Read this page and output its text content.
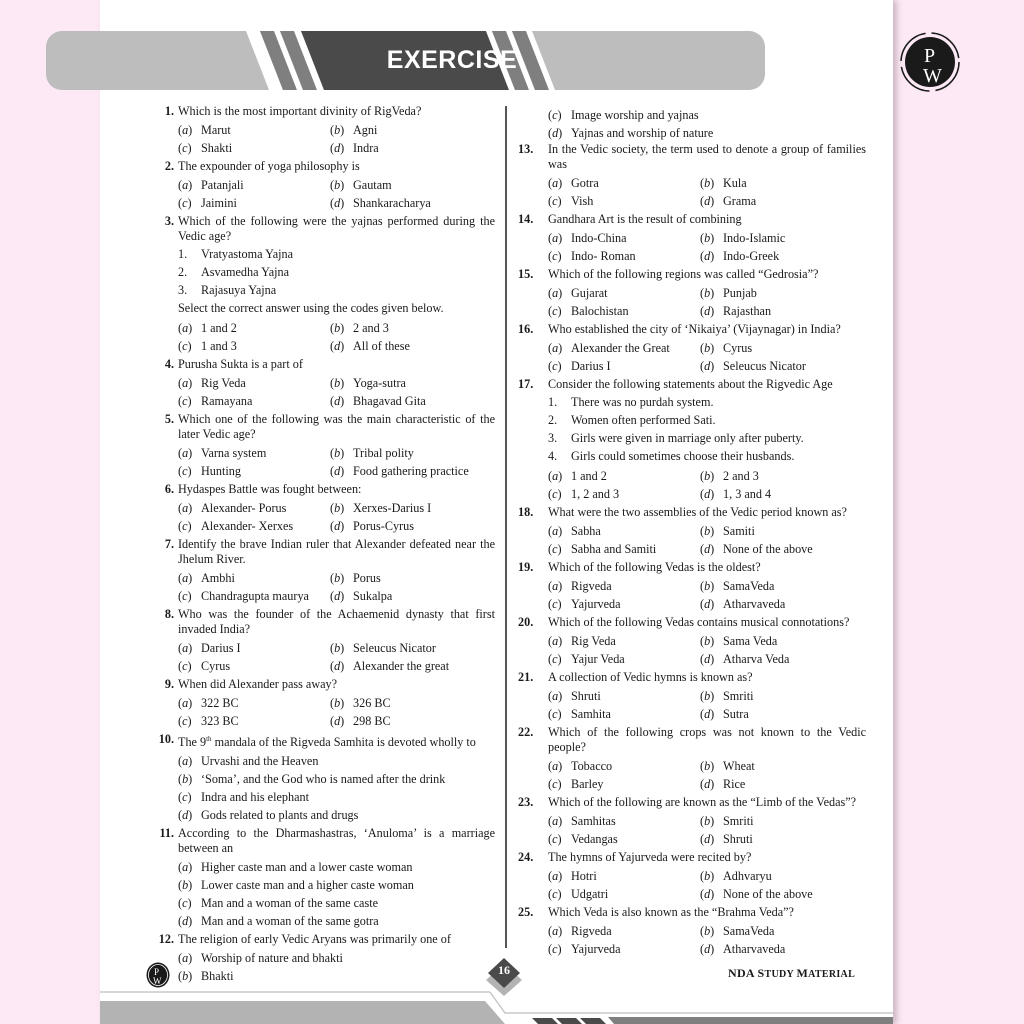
EXERCISE	P
W
1. Which is the most important divinity of RigVeda?
(a) Marut	(b) Agni
(c) Shakti	(d) Indra
2. The expounder of yoga philosophy is
(a) Patanjali	(b) Gautam
(c) Jaimini	(d) Shankaracharya
3. Which of the following were the yajnas performed during the Vedic age?
1.	Vratyastoma Yajna
2.	Asvamedha Yajna
3.	Rajasuya Yajna
Select the correct answer using the codes given below.
(a) 1 and 2	(b) 2 and 3
(c) 1 and 3	(d) All of these
4. Purusha Sukta is a part of
(a) Rig Veda	(b) Yoga-sutra
(c) Ramayana	(d) Bhagavad Gita
5. Which one of the following was the main characteristic of the later Vedic age?
(a) Varna system	(b) Tribal polity
(c) Hunting	(d) Food gathering practice
6. Hydaspes Battle was fought between:
(a) Alexander- Porus	(b) Xerxes-Darius I
(c) Alexander- Xerxes	(d) Porus-Cyrus
7. Identify the brave Indian ruler that Alexander defeated near the Jhelum River.
(a) Ambhi	(b) Porus
(c) Chandragupta maurya (d) Sukalpa
8. Who was the founder of the Achaemenid dynasty that first invaded India?
(a) Darius I	(b) Seleucus Nicator
(c) Cyrus	(d) Alexander the great
9. When did Alexander pass away?
(a) 322 BC	(b) 326 BC
(c) 323 BC	(d) 298 BC
10. The 9th mandala of the Rigveda Samhita is devoted wholly to
(a) Urvashi and the Heaven
(b) ‘Soma’, and the God who is named after the drink
(c) Indra and his elephant
(d) Gods related to plants and drugs
11. According to the Dharmashastras, ‘Anuloma’ is a marriage between an
(a) Higher caste man and a lower caste woman
(b) Lower caste man and a higher caste woman
(c) Man and a woman of the same caste
(d) Man and a woman of the same gotra
12. The religion of early Vedic Aryans was primarily one of
(a) Worship of nature and bhakti
(b) Bhakti
(c) Image worship and yajnas
(d) Yajnas and worship of nature
13.	In the Vedic society, the term used to denote a group of families was
(a) Gotra	(b) Kula
(c) Vish	(d) Grama
14.	Gandhara Art is the result of combining
(a) Indo-China	(b) Indo-Islamic
(c) Indo- Roman	(d) Indo-Greek
15.	Which of the following regions was called “Gedrosia”?
(a) Gujarat	(b) Punjab
(c) Balochistan	(d) Rajasthan
16.	Who established the city of ‘Nikaiya’ (Vijaynagar) in India?
(a) Alexander the Great (b) Cyrus
(c) Darius I	(d) Seleucus Nicator
17.	Consider the following statements about the Rigvedic Age
1.	There was no purdah system.
2.	Women often performed Sati.
3.	Girls were given in marriage only after puberty.
4.	Girls could sometimes choose their husbands.
(a) 1 and 2	(b) 2 and 3
(c) 1, 2 and 3	(d) 1, 3 and 4
18.	What were the two assemblies of the Vedic period known as?
(a) Sabha	(b) Samiti
(c) Sabha and Samiti	(d) None of the above
19.	Which of the following Vedas is the oldest?
(a) Rigveda	(b) SamaVeda
(c) Yajurveda	(d) Atharvaveda
20.	Which of the following Vedas contains musical connotations?
(a) Rig Veda	(b) Sama Veda
(c) Yajur Veda	(d) Atharva Veda
21.	A collection of Vedic hymns is known as?
(a) Shruti	(b) Smriti
(c) Samhita	(d) Sutra
22.	Which of the following crops was not known to the Vedic people?
(a) Tobacco	(b) Wheat
(c) Barley	(d) Rice
23.	Which of the following are known as the “Limb of the Vedas”?
(a) Samhitas	(b) Smriti
(c) Vedangas	(d) Shruti
24.	The hymns of Yajurveda were recited by?
(a) Hotri	(b) Adhvaryu
(c) Udgatri	(d) None of the above
25.	Which Veda is also known as the “Brahma Veda”?
(a) Rigveda	(b) SamaVeda
(c) Yajurveda	(d) Atharvaveda
P
W
16	NDA STUDY MATERIAL
